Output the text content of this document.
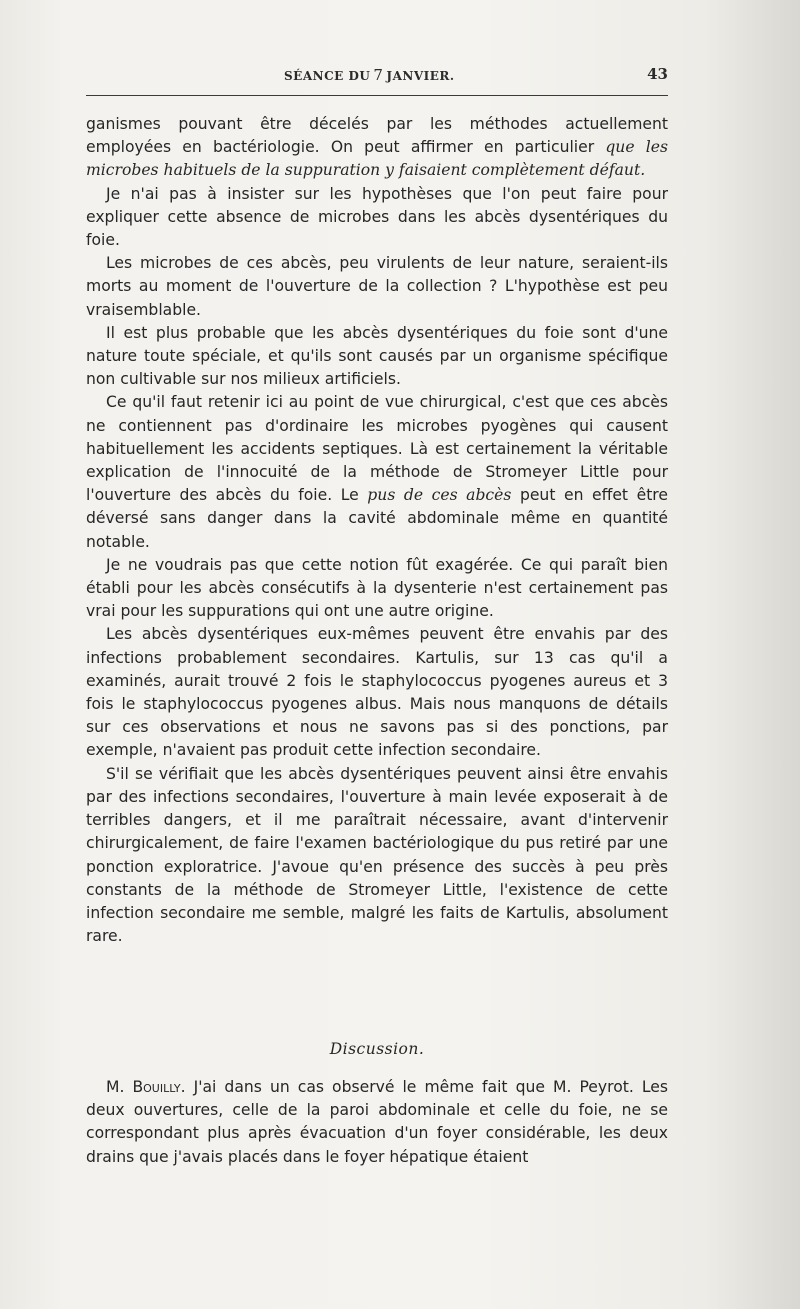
SÉANCE DU 7 JANVIER.	43

ganismes pouvant être décelés par les méthodes actuellement employées en bactériologie. On peut affirmer en particulier que les microbes habituels de la suppuration y faisaient complètement défaut.

Je n'ai pas à insister sur les hypothèses que l'on peut faire pour expliquer cette absence de microbes dans les abcès dysentériques du foie.

Les microbes de ces abcès, peu virulents de leur nature, seraient-ils morts au moment de l'ouverture de la collection ? L'hypothèse est peu vraisemblable.

Il est plus probable que les abcès dysentériques du foie sont d'une nature toute spéciale, et qu'ils sont causés par un organisme spécifique non cultivable sur nos milieux artificiels.

Ce qu'il faut retenir ici au point de vue chirurgical, c'est que ces abcès ne contiennent pas d'ordinaire les microbes pyogènes qui causent habituellement les accidents septiques. Là est certainement la véritable explication de l'innocuité de la méthode de Stromeyer Little pour l'ouverture des abcès du foie. Le pus de ces abcès peut en effet être déversé sans danger dans la cavité abdominale même en quantité notable.

Je ne voudrais pas que cette notion fût exagérée. Ce qui paraît bien établi pour les abcès consécutifs à la dysenterie n'est certainement pas vrai pour les suppurations qui ont une autre origine.

Les abcès dysentériques eux-mêmes peuvent être envahis par des infections probablement secondaires. Kartulis, sur 13 cas qu'il a examinés, aurait trouvé 2 fois le staphylococcus pyogenes aureus et 3 fois le staphylococcus pyogenes albus. Mais nous manquons de détails sur ces observations et nous ne savons pas si des ponctions, par exemple, n'avaient pas produit cette infection secondaire.

S'il se vérifiait que les abcès dysentériques peuvent ainsi être envahis par des infections secondaires, l'ouverture à main levée exposerait à de terribles dangers, et il me paraîtrait nécessaire, avant d'intervenir chirurgicalement, de faire l'examen bactériologique du pus retiré par une ponction exploratrice. J'avoue qu'en présence des succès à peu près constants de la méthode de Stromeyer Little, l'existence de cette infection secondaire me semble, malgré les faits de Kartulis, absolument rare.

Discussion.

M. Bouilly. J'ai dans un cas observé le même fait que M. Peyrot. Les deux ouvertures, celle de la paroi abdominale et celle du foie, ne se correspondant plus après évacuation d'un foyer considérable, les deux drains que j'avais placés dans le foyer hépatique étaient
